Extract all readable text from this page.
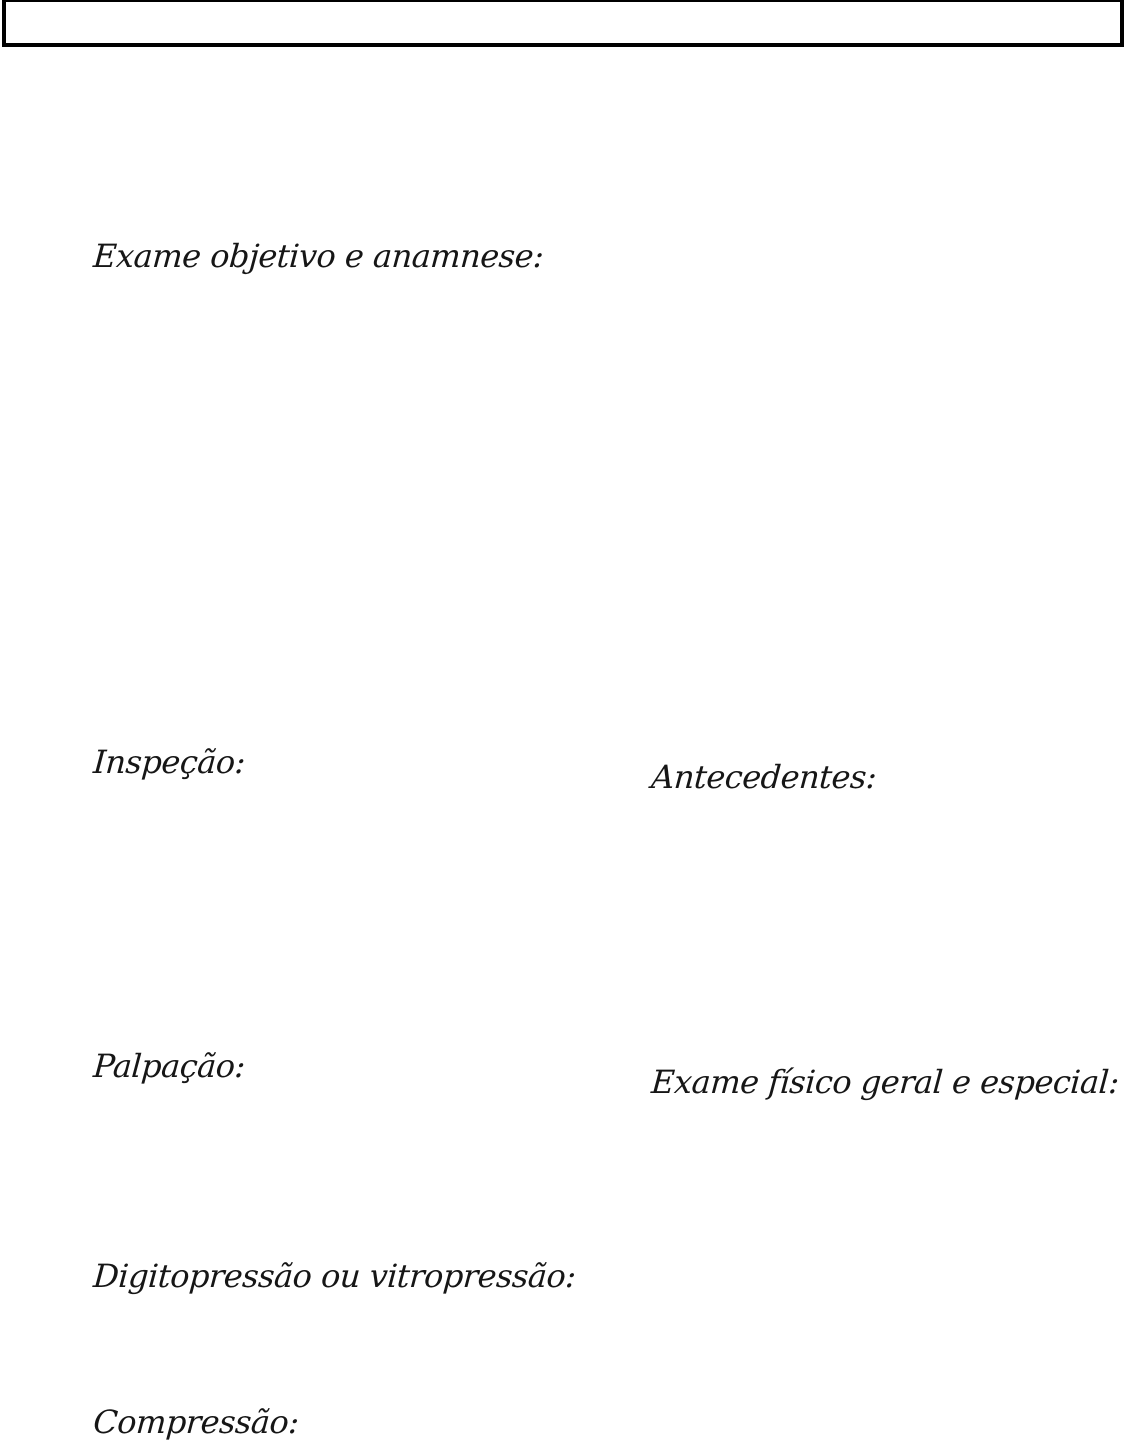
Exame objetivo e anamnese:
Inspeção:	Antecedentes:
Palpação:	Exame físico geral e especial:
Digitopressão ou vitropressão:
Compressão:
